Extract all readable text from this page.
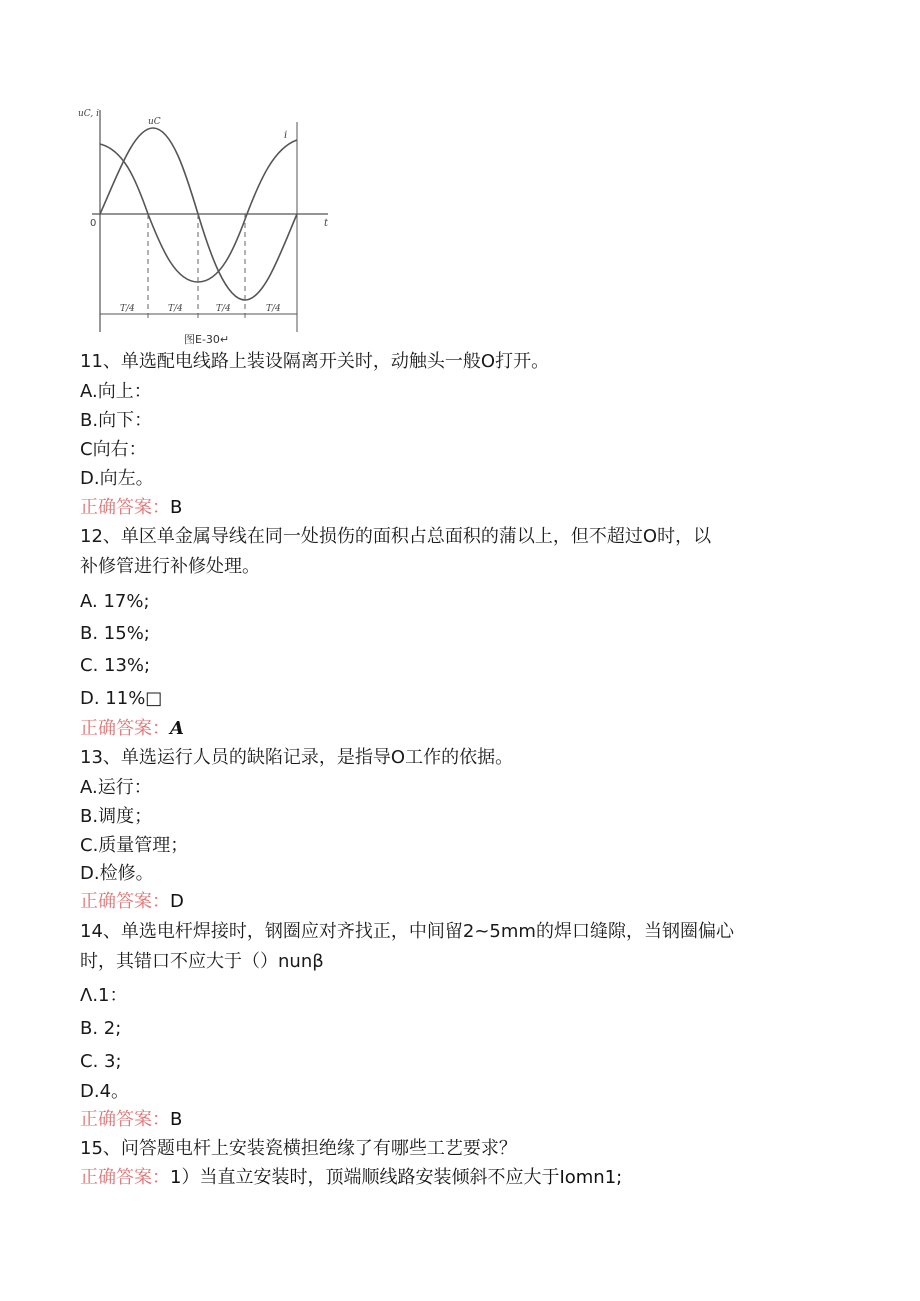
T/4	T/4	T/4	T/4
uC, i
uC
i
0	t
图E-30↵
11、单选配电线路上装设隔离开关时，动触头一般O打开。
A.向上：
B.向下：
C向右：
D.向左。
正确答案：B
12、单区单金属导线在同一处损伤的面积占总面积的蒲以上，但不超过O时，以
补修管进行补修处理。
A. 17%;
B. 15%;
C. 13%;
D. 11%□
正确答案：A
13、单选运行人员的缺陷记录，是指导O工作的依据。
A.运行：
B.调度；
C.质量管理；
D.检修。
正确答案：D
14、单选电杆焊接时，钢圈应对齐找正，中间留2~5mm的焊口缝隙，当钢圈偏心
时，其错口不应大于（）nunβ
Λ.1：
B. 2;
C. 3;
D.4。
正确答案：B
15、问答题电杆上安装瓷横担绝缘了有哪些工艺要求？
正确答案：1）当直立安装时，顶端顺线路安装倾斜不应大于Iomn1;
